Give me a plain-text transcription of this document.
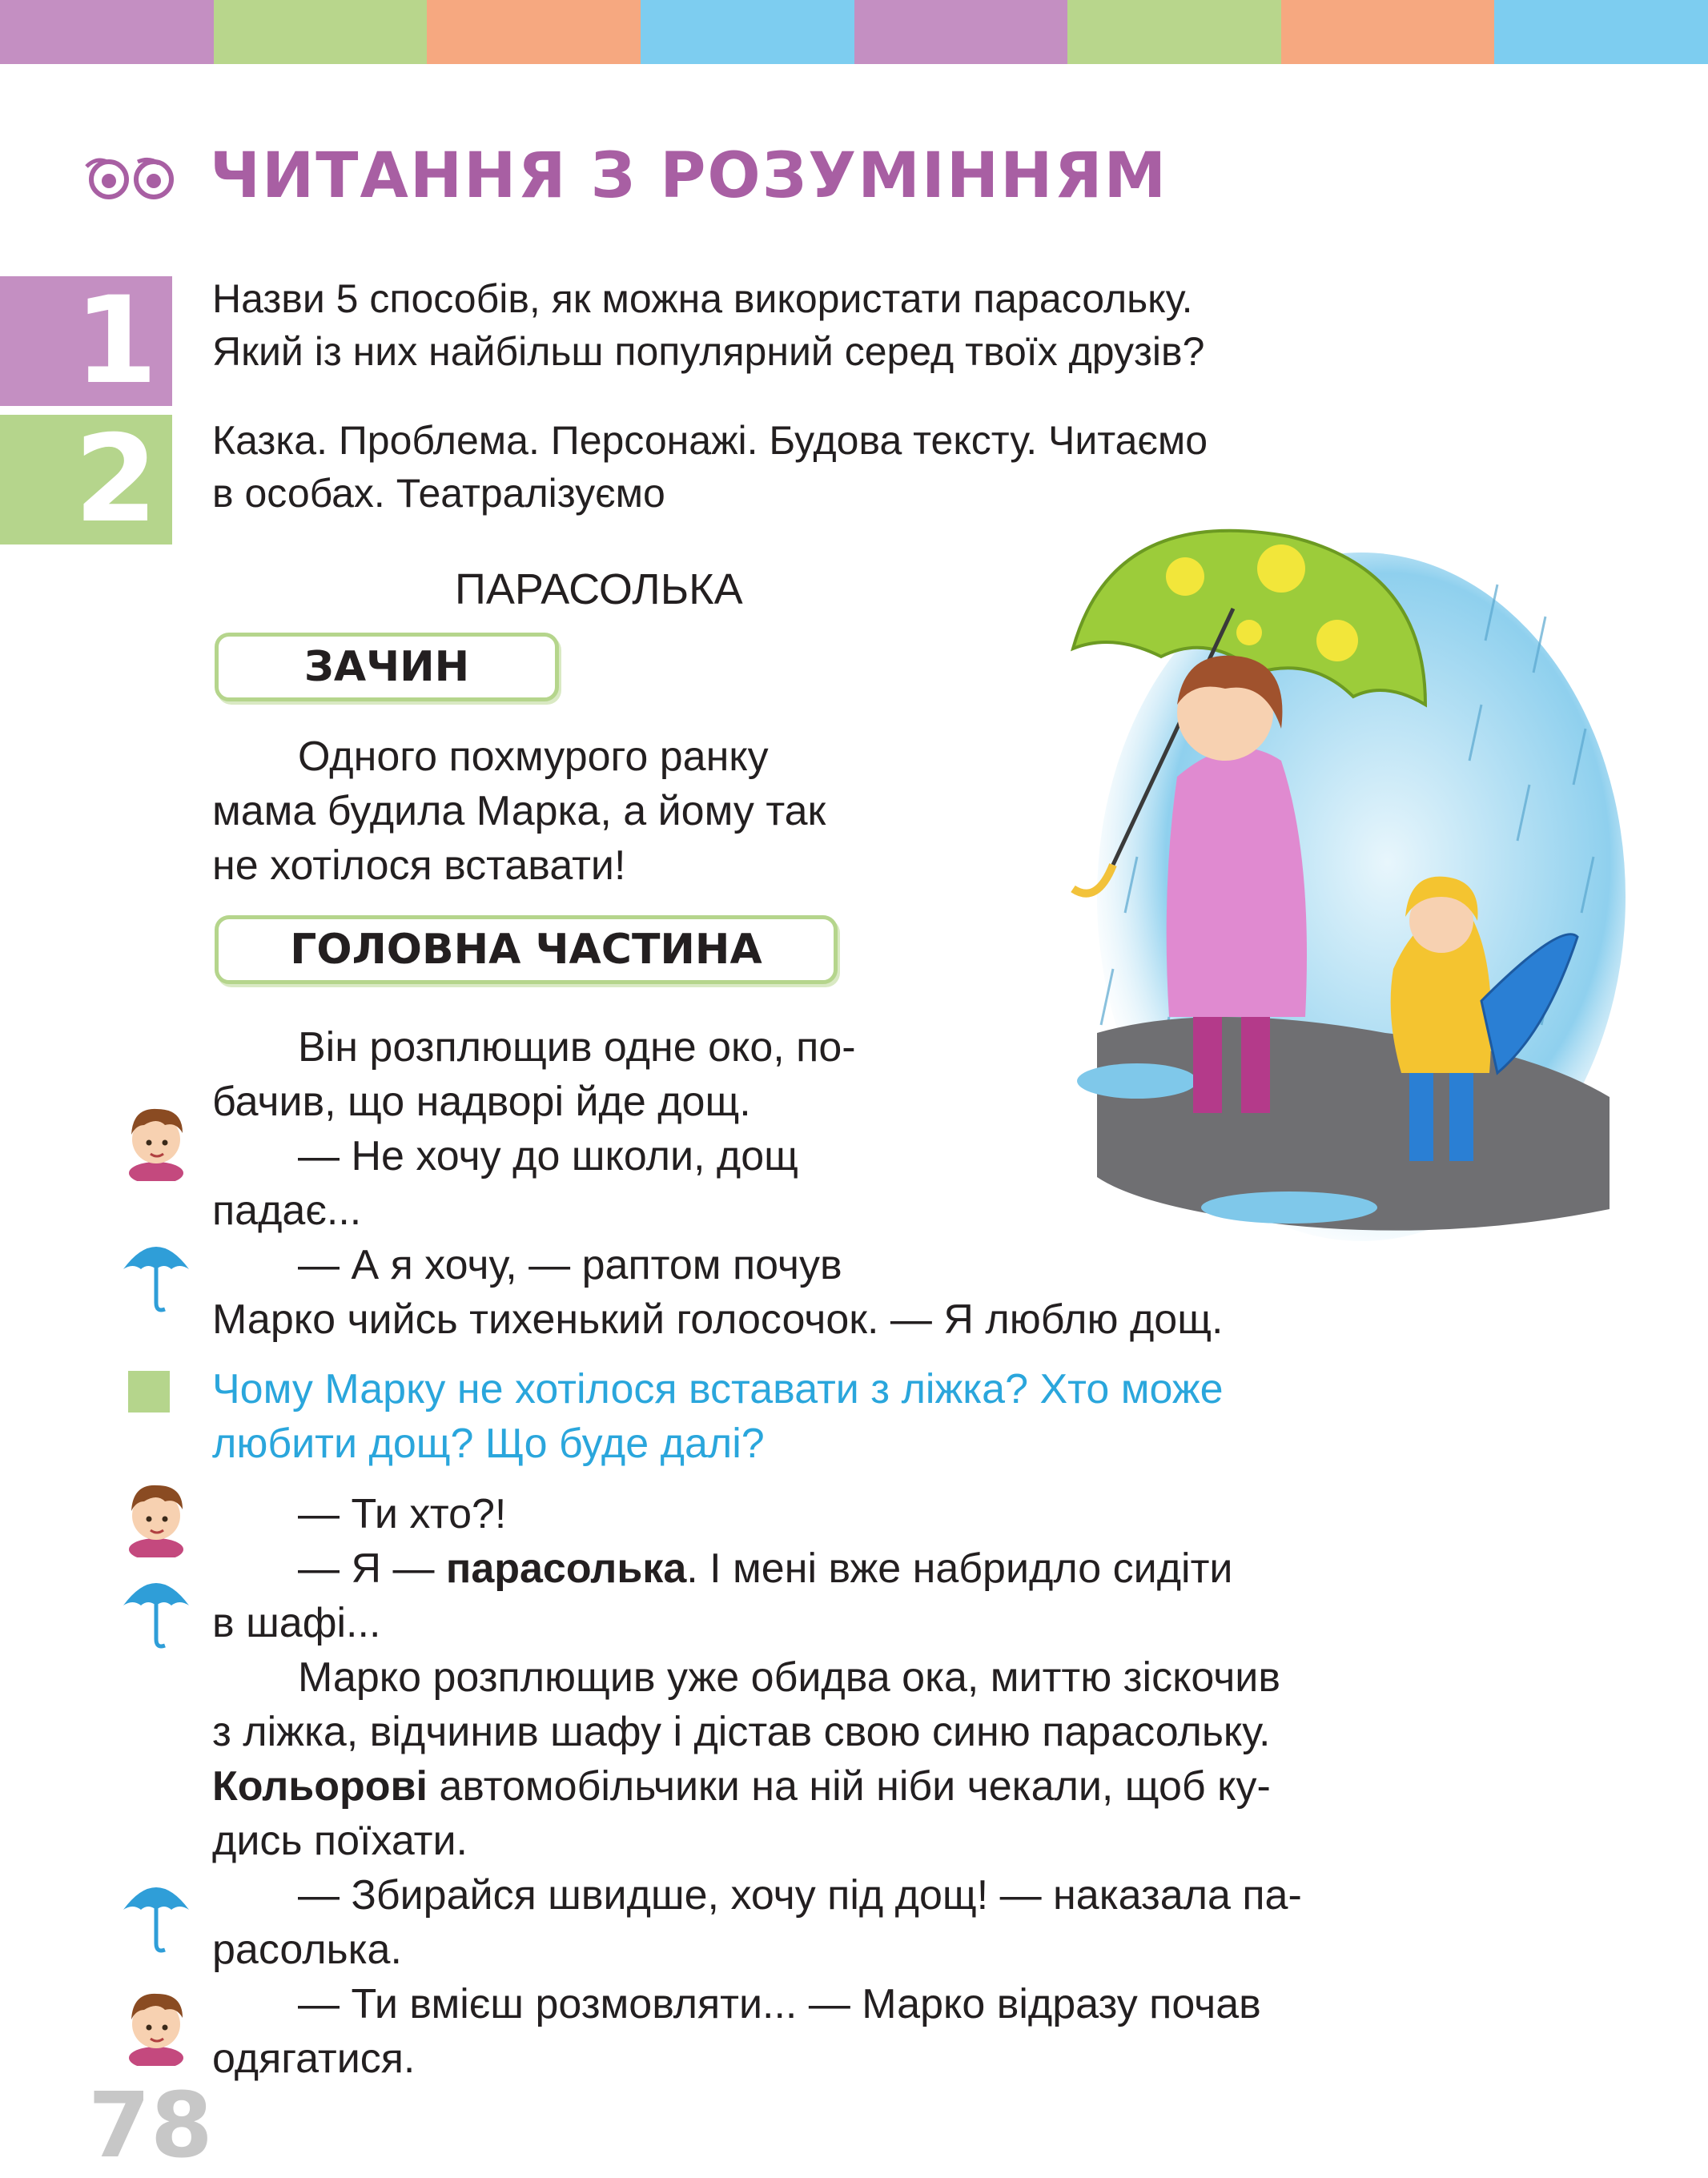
ЧИТАННЯ З РОЗУМІННЯМ
1	Назви 5 способів, як можна використати парасольку.
Який із них найбільш популярний серед твоїх друзів?
2	Казка. Проблема. Персонажі. Будова тексту. Читаємо
в особах. Театралізуємо
ПАРАСОЛЬКА
ЗАЧИН
Одного похмурого ранку
мама будила Марка, а йому так
не хотілося вставати!
ГОЛОВНА ЧАСТИНА
Він розплющив одне око, по-
бачив, що надворі йде дощ.
— Не хочу до школи, дощ
падає...
— А я хочу, — раптом почув
Марко чийсь тихенький голосочок. — Я люблю дощ.
Чому Марку не хотілося вставати з ліжка? Хто може
любити дощ? Що буде далі?
— Ти хто?!
— Я — парасолька. І мені вже набридло сидіти
в шафі...
Марко розплющив уже обидва ока, миттю зіскочив
з ліжка, відчинив шафу і дістав свою синю парасольку.
Кольорові автомобільчики на ній ніби чекали, щоб ку-
дись поїхати.
— Збирайся швидше, хочу під дощ! — наказала па-
расолька.
— Ти вмієш розмовляти... — Марко відразу почав
одягатися.
78
